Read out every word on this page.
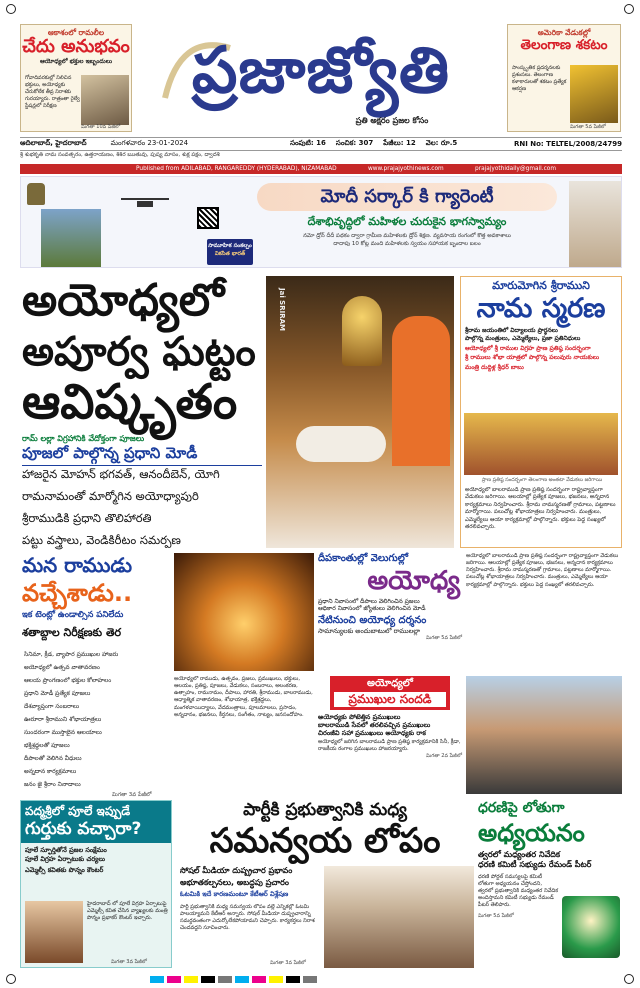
ఆకాశంలో రామలీల
చేదు అనుభవం
ఆయోధ్యలో భక్తుల ఇబ్బందులు
గోవాదివరకుల్లో నిలిచిన భక్తులు, అయోధ్యకు చేరుకోలేక తీవ్ర నిరాశకు గురయ్యారు. రాత్రంతా రైల్వే స్టేషన్లలో నిరీక్షణ
మిగతా 10వ పేజీలో
ప్రజాజ్యోతి
ప్రతి అక్షరం ప్రజల కోసం
అమెరికా వేడుకల్లో
తెలంగాణ శకటం
సాంస్కృతిక ప్రదర్శనలకు ప్రశంసలు. తెలంగాణ కళాకారులతో శకటం ప్రత్యేక ఆకర్షణ
మిగతా 5వ పేజీలో
ఆదిలాబాద్, హైదరాబాద్	మంగళవారం 23-01-2024	సంపుటి: 16 సంచిక: 307 పేజీలు: 12 వెల: రూ.5	RNI No: TELTEL/2008/24799
శ్రీ శుభకృత్ నామ సంవత్సరం, ఉత్తరాయణం, శిశిర ఋతువు, పుష్య మాసం, శుక్ల పక్షం, ద్వాదశి
Published from ADILABAD, RANGAREDDY (HYDERABAD), NIZAMABAD	www.prajajyothinews.com	prajajyothidaily@gmail.com
మోదీ సర్కార్ కి గ్యారెంటీ
దేశాభివృద్ధిలో మహిళల చురుకైన భాగస్వామ్యం
నమో డ్రోన్ దీదీ పథకం ద్వారా గ్రామీణ మహిళలకు డ్రోన్ శిక్షణ. వ్యవసాయ రంగంలో కొత్త అవకాశాలు
దాదాపు 10 కోట్ల మంది మహిళలకు స్వయం సహాయక బృందాల బలం
సామూహిక సంకల్పం
వికసిత భారత్
అయోధ్యలో
అపూర్వ ఘట్టం
ఆవిష్కృతం
రామ్ లల్లా విగ్రహానికి వేదోక్తంగా పూజలు
పూజలో పాల్గొన్న ప్రధాని మోడీ
హాజరైన మోహన్ భగవత్, ఆనందీబెన్, యోగి
రామనామంతో మార్మోగిన అయోధ్యాపురి
శ్రీరాముడికి ప్రధాని తొలిహారతి
పట్టు వస్త్రాలు, వెండికిరీటం సమర్పణ
Jai SRIRAM
మారుమోగిన శ్రీరాముని
నామ స్మరణ
శ్రీరామ జయంతిలో విద్యాలయ ప్రార్థనలు
పాల్గొన్న మంత్రులు, ఎమ్మెల్యేలు, ప్రజా ప్రతినిధులు
ఆయోధ్యలో శ్రీ రాముల విగ్రహ ప్రాణ ప్రతిష్ఠ సందర్భంగా
శ్రీ రాములు శోభా యాత్రలో పాల్గొన్న పలువురు నాయకులు
మంత్రి దుద్దిళ్ల శ్రీధర్ బాబు
ప్రాణ ప్రతిష్ఠ సందర్భంగా తెలంగాణ అంతటా వేడుకలు జరిగాయి
అయోధ్యలో బాలరాముడి ప్రాణ ప్రతిష్ఠ సందర్భంగా రాష్ట్రవ్యాప్తంగా వేడుకలు జరిగాయి. ఆలయాల్లో ప్రత్యేక పూజలు, భజనలు, అన్నదాన కార్యక్రమాలు నిర్వహించారు. శ్రీరామ నామస్మరణతో గ్రామాలు, పట్టణాలు మార్మోగాయి. పలుచోట్ల శోభాయాత్రలు నిర్వహించారు. మంత్రులు, ఎమ్మెల్యేలు ఆయా కార్యక్రమాల్లో పాల్గొన్నారు. భక్తులు పెద్ద సంఖ్యలో తరలివచ్చారు.
మన రాముడు
వచ్చేశాడు..
ఇక టెంట్లో ఉండాల్సిన పనిలేదు
శతాబ్దాల నిరీక్షణకు తెర
సినిమా, క్రీడ, వ్యాపార ప్రముఖుల హాజరు
అయోధ్యలో ఉత్సవ వాతావరణం
ఆలయ ప్రాంగణంలో భక్తుల కోలాహలం
ప్రధాని మోడీ ప్రత్యేక పూజలు
దేశవ్యాప్తంగా సంబరాలు
ఊరూరా శ్రీరాముని శోభాయాత్రలు
సుందరంగా ముస్తాబైన ఆలయాలు
భక్తిశ్రద్ధలతో పూజలు
దీపాలతో వెలిగిన వీధులు
అన్నదాన కార్యక్రమాలు
జనం జై శ్రీరాం నినాదాలు
మిగతా 3వ పేజీలో
అయోధ్యలో రాముడు, ఉత్సవం, ప్రజలు, ప్రముఖులు, భక్తులు, ఆలయం, ప్రతిష్ఠ, పూజలు, వేడుకలు, సంబరాలు, అలంకరణ, ఉత్సాహం, రామనామం, దీపాలు, హారతి, శ్రీరాముడు, బాలరాముడు, ఆధ్యాత్మిక వాతావరణం, శోభాయాత్ర, భక్తిశ్రద్ధలు, మంగళవాయిద్యాలు, వేదమంత్రాలు, పూలమాలలు, ప్రసాదం, అన్నదానం, భజనలు, కీర్తనలు, సంగీతం, నాట్యం, జనసందోహం.
దీపకాంతుల్లో వెలుగుల్లో
అయోధ్య
ప్రధాని నివాసంలో దీపాలు వెలిగించిన ప్రజలు
ఆధికార నివాసంలో జ్యోతులు వెలిగించిన మోడీ
నేటినుంచి అయోధ్య దర్శనం
సామాన్యులకు అందుబాటులో రాములల్లా
మిగతా 5వ పేజీలో
అయోధ్యలో బాలరాముడి ప్రాణ ప్రతిష్ఠ సందర్భంగా రాష్ట్రవ్యాప్తంగా వేడుకలు జరిగాయి. ఆలయాల్లో ప్రత్యేక పూజలు, భజనలు, అన్నదాన కార్యక్రమాలు నిర్వహించారు. శ్రీరామ నామస్మరణతో గ్రామాలు, పట్టణాలు మార్మోగాయి. పలుచోట్ల శోభాయాత్రలు నిర్వహించారు. మంత్రులు, ఎమ్మెల్యేలు ఆయా కార్యక్రమాల్లో పాల్గొన్నారు. భక్తులు పెద్ద సంఖ్యలో తరలివచ్చారు.
అయోధ్యలో
ప్రముఖుల సందడి
అయోధ్యకు పోటెత్తిన ప్రముఖులు
బాలరాముడి సేవలో తరలివచ్చిన ప్రముఖులు
చిరంజీవి సహా ప్రముఖులు అయోధ్యకు రాక
అయోధ్యలో జరిగిన బాలరాముడి ప్రాణ ప్రతిష్ఠ కార్యక్రమానికి సినీ, క్రీడా, రాజకీయ రంగాల ప్రముఖులు హాజరయ్యారు.
మిగతా 2వ పేజీలో
పద్మశ్రీలో పూలే ఇప్పుడే
గుర్తుకు వచ్చారా?
పూలే స్ఫూర్తితోనే ప్రజల సంక్షేమం
పూలే విగ్రహ ఏర్పాటుకు చర్యలు
ఎమ్మెల్సీ కవితకు పొన్నం కౌంటర్
హైదరాబాద్ లో పూలే విగ్రహ ఏర్పాటుపై ఎమ్మెల్సీ కవిత చేసిన వ్యాఖ్యలకు మంత్రి పొన్నం ప్రభాకర్ కౌంటర్ ఇచ్చారు.
మిగతా 3వ పేజీలో
పార్టీకి ప్రభుత్వానికి మధ్య
సమన్వయ లోపం
సోషల్ మీడియా దుష్ప్రచార ప్రభావం
అభూతకల్పనలు, అబద్ధపు ప్రచారం
ఓటమికి ఇదే కారణమంటూ కేటీఆర్ విశ్లేషణ
పార్టీ ప్రభుత్వానికి మధ్య సమన్వయ లోపం వల్లే ఎన్నికల్లో ఓటమి పాలయ్యామని కేటీఆర్ అన్నారు. సోషల్ మీడియా దుష్ప్రచారాన్ని సమర్థవంతంగా ఎదుర్కోలేకపోయామని చెప్పారు. కార్యకర్తలు నిరాశ చెందవద్దని సూచించారు.
మిగతా 3వ పేజీలో
ధరణిపై లోతుగా
అధ్యయనం
త్వరలో మధ్యంతర నివేదిక
ధరణి కమిటీ సభ్యుడు రేమండ్ పీటర్
ధరణి పోర్టల్ సమస్యలపై కమిటీ లోతుగా అధ్యయనం చేస్తోందని, త్వరలో ప్రభుత్వానికి మధ్యంతర నివేదిక అందిస్తామని కమిటీ సభ్యుడు రేమండ్ పీటర్ తెలిపారు.
మిగతా 5వ పేజీలో
